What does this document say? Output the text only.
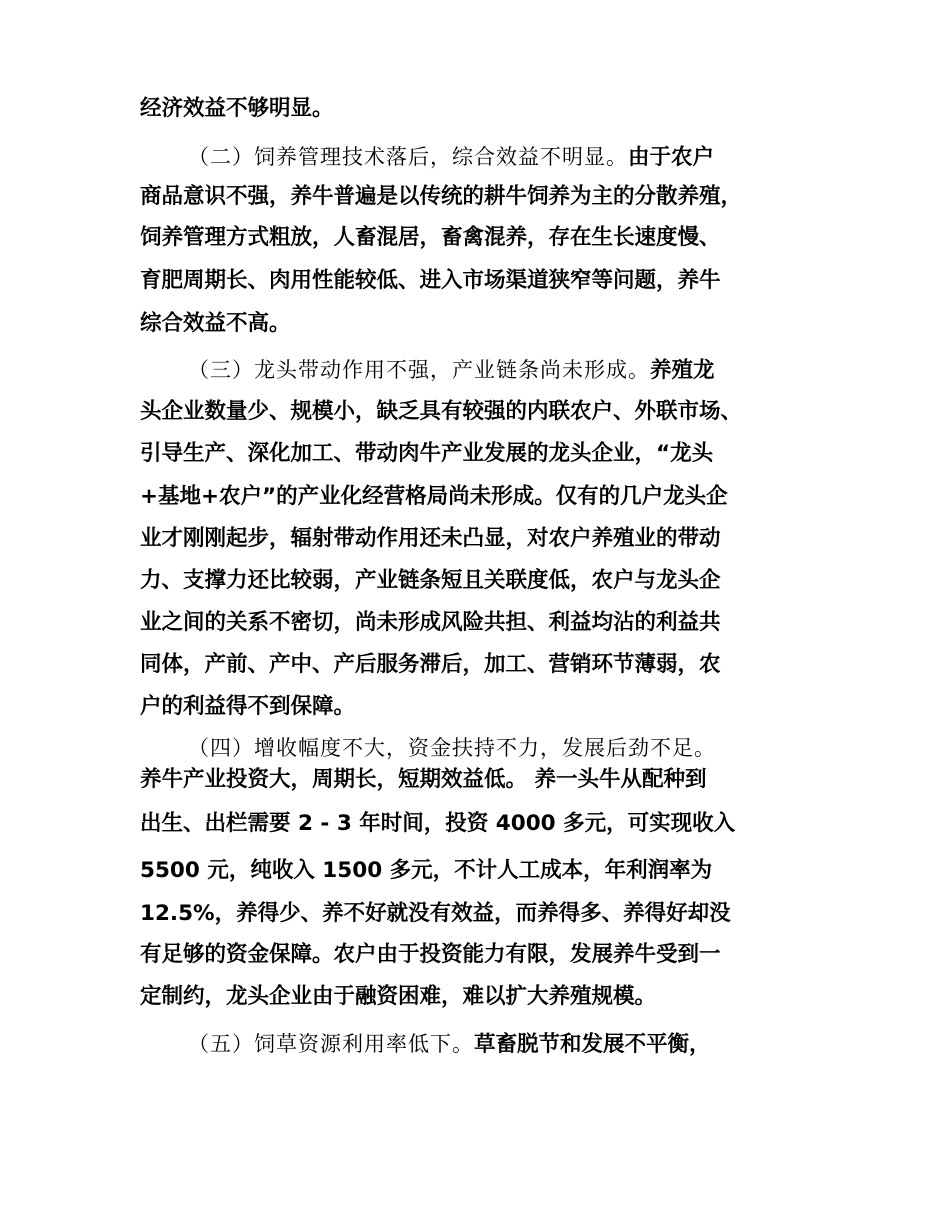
经济效益不够明显。
（二）饲养管理技术落后，综合效益不明显。由于农户
商品意识不强，养牛普遍是以传统的耕牛饲养为主的分散养殖，
饲养管理方式粗放，人畜混居，畜禽混养，存在生长速度慢、
育肥周期长、肉用性能较低、进入市场渠道狭窄等问题，养牛
综合效益不高。
（三）龙头带动作用不强，产业链条尚未形成。养殖龙
头企业数量少、规模小，缺乏具有较强的内联农户、外联市场、
引导生产、深化加工、带动肉牛产业发展的龙头企业，“龙头
+基地+农户”的产业化经营格局尚未形成。仅有的几户龙头企
业才刚刚起步，辐射带动作用还未凸显，对农户养殖业的带动
力、支撑力还比较弱，产业链条短且关联度低，农户与龙头企
业之间的关系不密切，尚未形成风险共担、利益均沾的利益共
同体，产前、产中、产后服务滞后，加工、营销环节薄弱，农
户的利益得不到保障。
（四）增收幅度不大，资金扶持不力，发展后劲不足。
养牛产业投资大，周期长，短期效益低。 养一头牛从配种到
出生、出栏需要 2 - 3 年时间，投资 4000 多元，可实现收入
5500 元，纯收入 1500 多元，不计人工成本，年利润率为
12.5%，养得少、养不好就没有效益，而养得多、养得好却没
有足够的资金保障。农户由于投资能力有限，发展养牛受到一
定制约，龙头企业由于融资困难，难以扩大养殖规模。
（五）饲草资源利用率低下。草畜脱节和发展不平衡，
